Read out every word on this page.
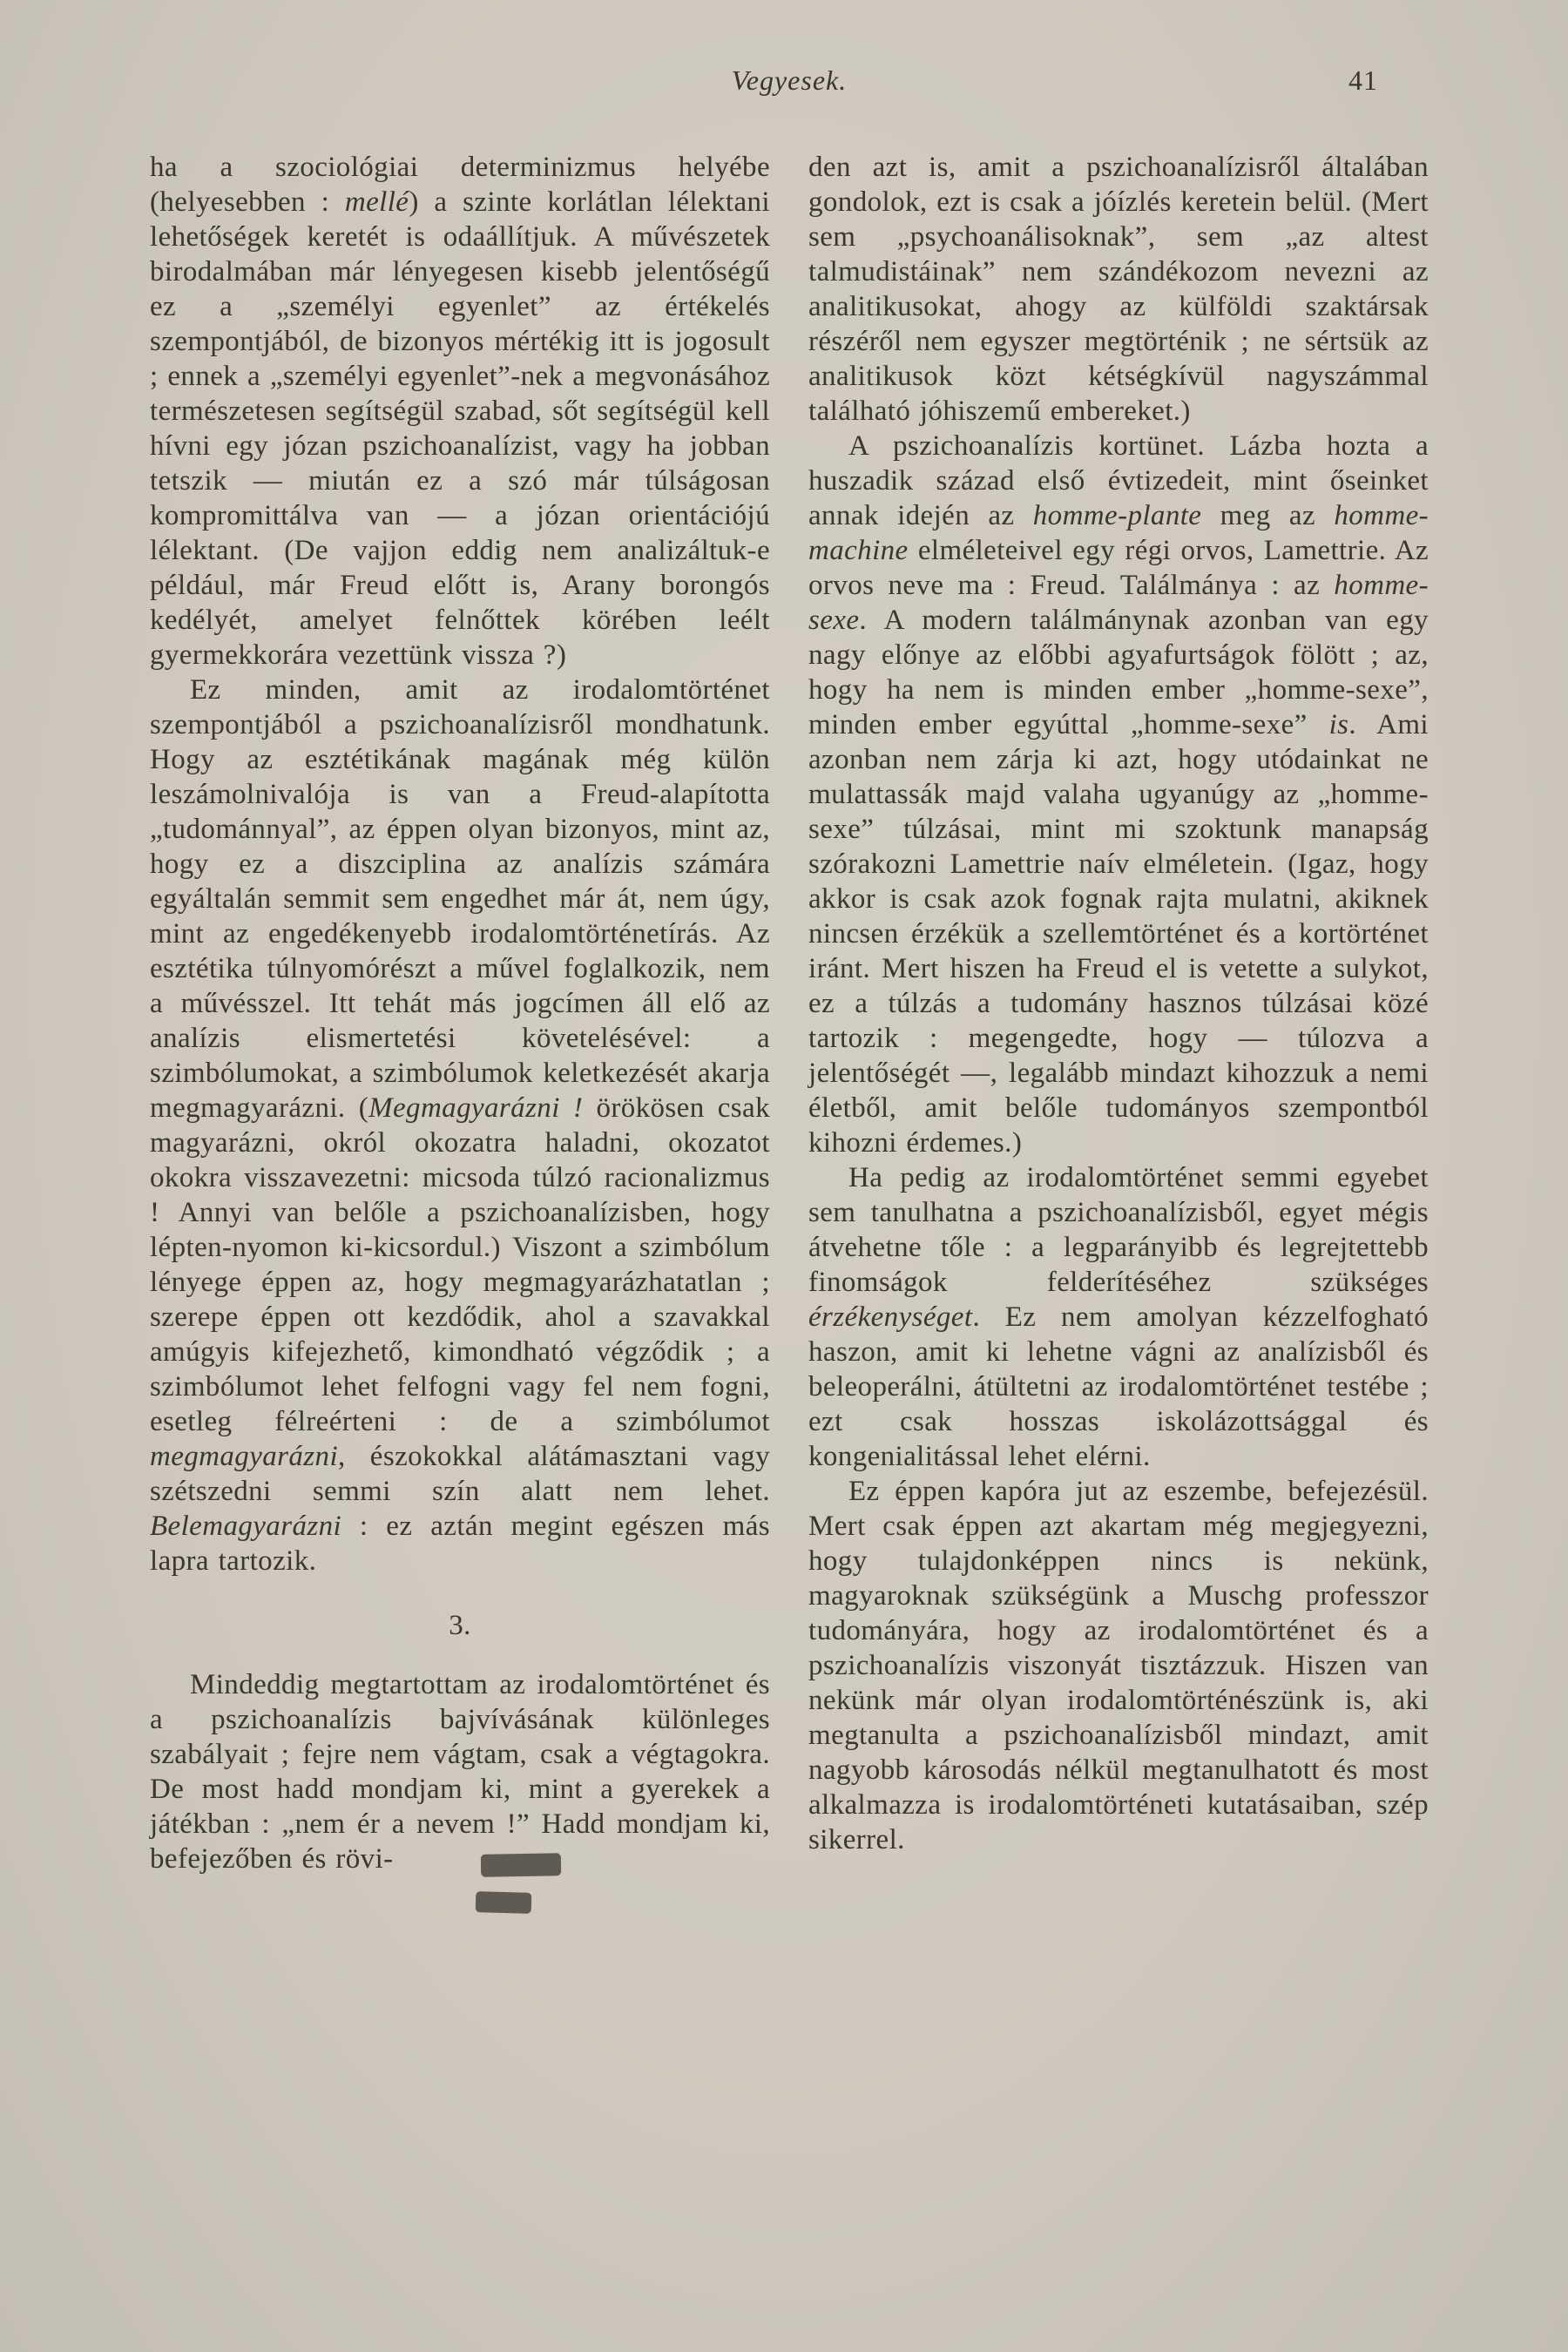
Vegyesek.	41

ha a szociológiai determinizmus helyébe (helyesebben : mellé) a szinte korlátlan lélektani lehetőségek keretét is odaállítjuk. A művészetek birodalmában már lényegesen kisebb jelentőségű ez a „személyi egyenlet” az értékelés szempontjából, de bizonyos mértékig itt is jogosult ; ennek a „személyi egyenlet”-nek a megvonásához természetesen segítségül szabad, sőt segítségül kell hívni egy józan pszichoanalízist, vagy ha jobban tetszik — miután ez a szó már túlságosan kompromittálva van — a józan orientációjú lélektant. (De vajjon eddig nem analizáltuk-e például, már Freud előtt is, Arany borongós kedélyét, amelyet felnőttek körében leélt gyermekkorára vezettünk vissza ?)

Ez minden, amit az irodalomtörténet szempontjából a pszichoanalízisről mondhatunk. Hogy az esztétikának magának még külön leszámolnivalója is van a Freud-alapította „tudománnyal”, az éppen olyan bizonyos, mint az, hogy ez a diszciplina az analízis számára egyáltalán semmit sem engedhet már át, nem úgy, mint az engedékenyebb irodalomtörténetírás. Az esztétika túlnyomórészt a művel foglalkozik, nem a művésszel. Itt tehát más jogcímen áll elő az analízis elismertetési követelésével: a szimbólumokat, a szimbólumok keletkezését akarja megmagyarázni. (Megmagyarázni ! örökösen csak magyarázni, okról okozatra haladni, okozatot okokra visszavezetni: micsoda túlzó racionalizmus ! Annyi van belőle a pszichoanalízisben, hogy lépten-nyomon ki-kicsordul.) Viszont a szimbólum lényege éppen az, hogy megmagyarázhatatlan ; szerepe éppen ott kezdődik, ahol a szavakkal amúgyis kifejezhető, kimondható végződik ; a szimbólumot lehet felfogni vagy fel nem fogni, esetleg félreérteni : de a szimbólumot megmagyarázni, észokokkal alátámasztani vagy szétszedni semmi szín alatt nem lehet. Belemagyarázni : ez aztán megint egészen más lapra tartozik.

3.

Mindeddig megtartottam az irodalomtörténet és a pszichoanalízis bajvívásának különleges szabályait ; fejre nem vágtam, csak a végtagokra. De most hadd mondjam ki, mint a gyerekek a játékban : „nem ér a nevem !” Hadd mondjam ki, befejezőben és rövi-

den azt is, amit a pszichoanalízisről általában gondolok, ezt is csak a jóízlés keretein belül. (Mert sem „psychoanálisoknak”, sem „az altest talmudistáinak” nem szándékozom nevezni az analitikusokat, ahogy az külföldi szaktársak részéről nem egyszer megtörténik ; ne sértsük az analitikusok közt kétségkívül nagyszámmal található jóhiszemű embereket.)

A pszichoanalízis kortünet. Lázba hozta a huszadik század első évtizedeit, mint őseinket annak idején az homme-plante meg az homme-machine elméleteivel egy régi orvos, Lamettrie. Az orvos neve ma : Freud. Találmánya : az homme-sexe. A modern találmánynak azonban van egy nagy előnye az előbbi agyafurtságok fölött ; az, hogy ha nem is minden ember „homme-sexe”, minden ember egyúttal „homme-sexe” is. Ami azonban nem zárja ki azt, hogy utódainkat ne mulattassák majd valaha ugyanúgy az „homme-sexe” túlzásai, mint mi szoktunk manapság szórakozni Lamettrie naív elméletein. (Igaz, hogy akkor is csak azok fognak rajta mulatni, akiknek nincsen érzékük a szellemtörténet és a kortörténet iránt. Mert hiszen ha Freud el is vetette a sulykot, ez a túlzás a tudomány hasznos túlzásai közé tartozik : megengedte, hogy — túlozva a jelentőségét —, legalább mindazt kihozzuk a nemi életből, amit belőle tudományos szempontból kihozni érdemes.)

Ha pedig az irodalomtörténet semmi egyebet sem tanulhatna a pszichoanalízisből, egyet mégis átvehetne tőle : a legparányibb és legrejtettebb finomságok felderítéséhez szükséges érzékenységet. Ez nem amolyan kézzelfogható haszon, amit ki lehetne vágni az analízisből és beleoperálni, átültetni az irodalomtörténet testébe ; ezt csak hosszas iskolázottsággal és kongenialitással lehet elérni.

Ez éppen kapóra jut az eszembe, befejezésül. Mert csak éppen azt akartam még megjegyezni, hogy tulajdonképpen nincs is nekünk, magyaroknak szükségünk a Muschg professzor tudományára, hogy az irodalomtörténet és a pszichoanalízis viszonyát tisztázzuk. Hiszen van nekünk már olyan irodalomtörténészünk is, aki megtanulta a pszichoanalízisből mindazt, amit nagyobb károsodás nélkül megtanulhatott és most alkalmazza is irodalomtörténeti kutatásaiban, szép sikerrel.
